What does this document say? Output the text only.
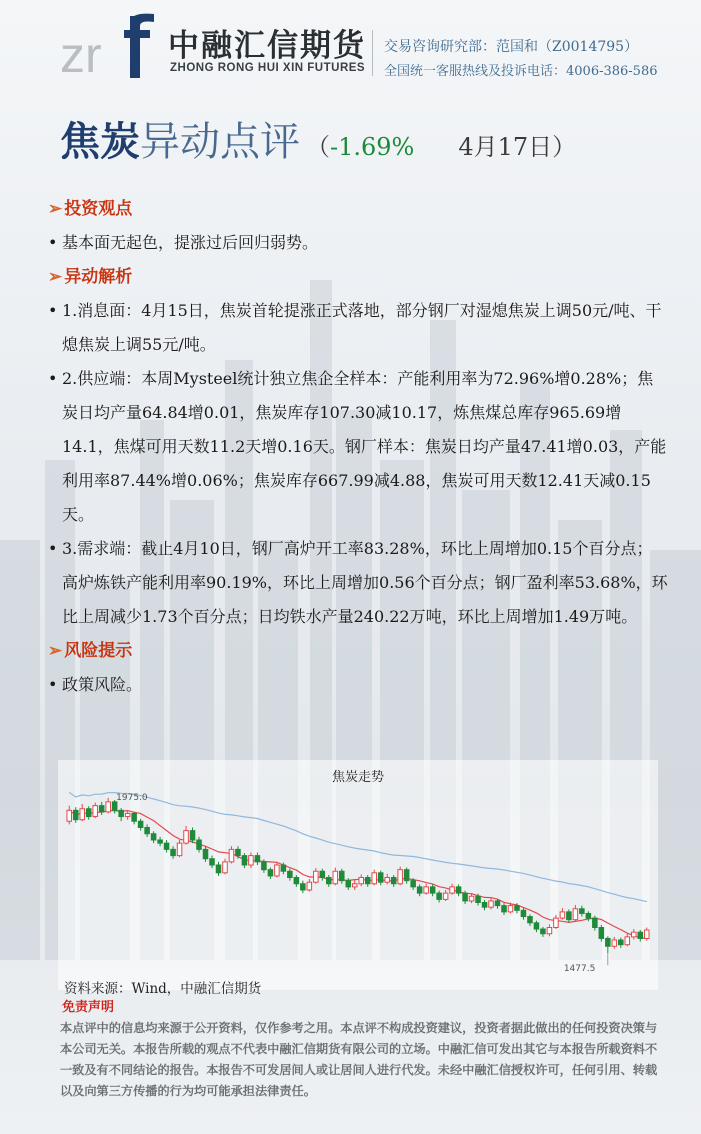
zr 中融汇信期货
ZHONG RONG HUI XIN FUTURES
交易咨询研究部：范国和（Z0014795）
全国统一客服热线及投诉电话：4006-386-586
焦炭异动点评 （-1.69% 4月17日）
➢ 投资观点
• 基本面无起色，提涨过后回归弱势。
➢ 异动解析
• 1.消息面：4月15日，焦炭首轮提涨正式落地，部分钢厂对湿熄焦炭上调50元/吨、干熄焦炭上调55元/吨。
• 2.供应端：本周Mysteel统计独立焦企全样本：产能利用率为72.96%增0.28%；焦炭日均产量64.84增0.01，焦炭库存107.30减10.17，炼焦煤总库存965.69增14.1，焦煤可用天数11.2天增0.16天。钢厂样本：焦炭日均产量47.41增0.03，产能利用率87.44%增0.06%；焦炭库存667.99减4.88，焦炭可用天数12.41天减0.15天。
• 3.需求端：截止4月10日，钢厂高炉开工率83.28%，环比上周增加0.15个百分点；高炉炼铁产能利用率90.19%，环比上周增加0.56个百分点；钢厂盈利率53.68%，环比上周减少1.73个百分点；日均铁水产量240.22万吨，环比上周增加1.49万吨。
➢ 风险提示
• 政策风险。
焦炭走势
1975.0
1477.5
资料来源：Wind，中融汇信期货
免责声明
本点评中的信息均来源于公开资料，仅作参考之用。本点评不构成投资建议，投资者据此做出的任何投资决策与本公司无关。本报告所载的观点不代表中融汇信期货有限公司的立场。中融汇信可发出其它与本报告所载资料不一致及有不同结论的报告。本报告不可发居间人或让居间人进行代发。未经中融汇信授权许可，任何引用、转载以及向第三方传播的行为均可能承担法律责任。
